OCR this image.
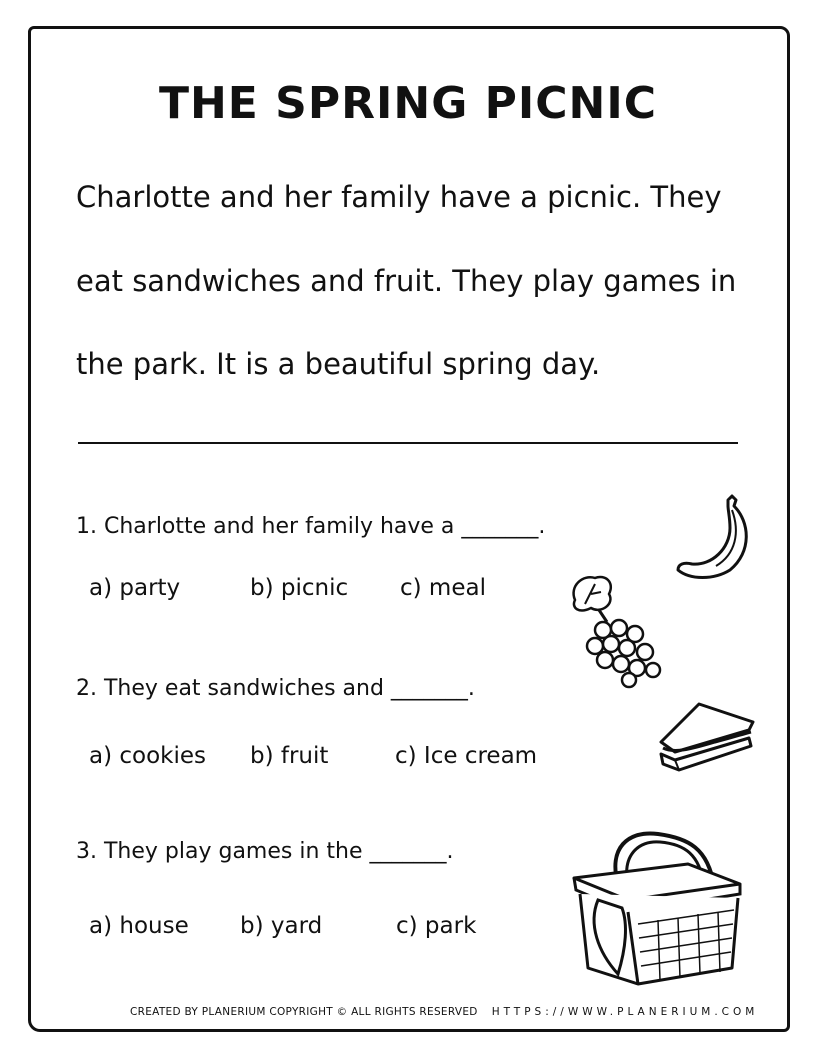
THE SPRING PICNIC
Charlotte and her family have a picnic. They
eat sandwiches and fruit. They play games in
the park. It is a beautiful spring day.
1. Charlotte and her family have a _______.
a) party	b) picnic c) meal
2. They eat sandwiches and _______.
a) cookies b) fruit	c) Ice cream
3. They play games in the _______.
a) house b) yard	c) park
CREATED BY PLANERIUM COPYRIGHT © ALL RIGHTS RESERVED HTTPS://WWW.PLANERIUM.COM
